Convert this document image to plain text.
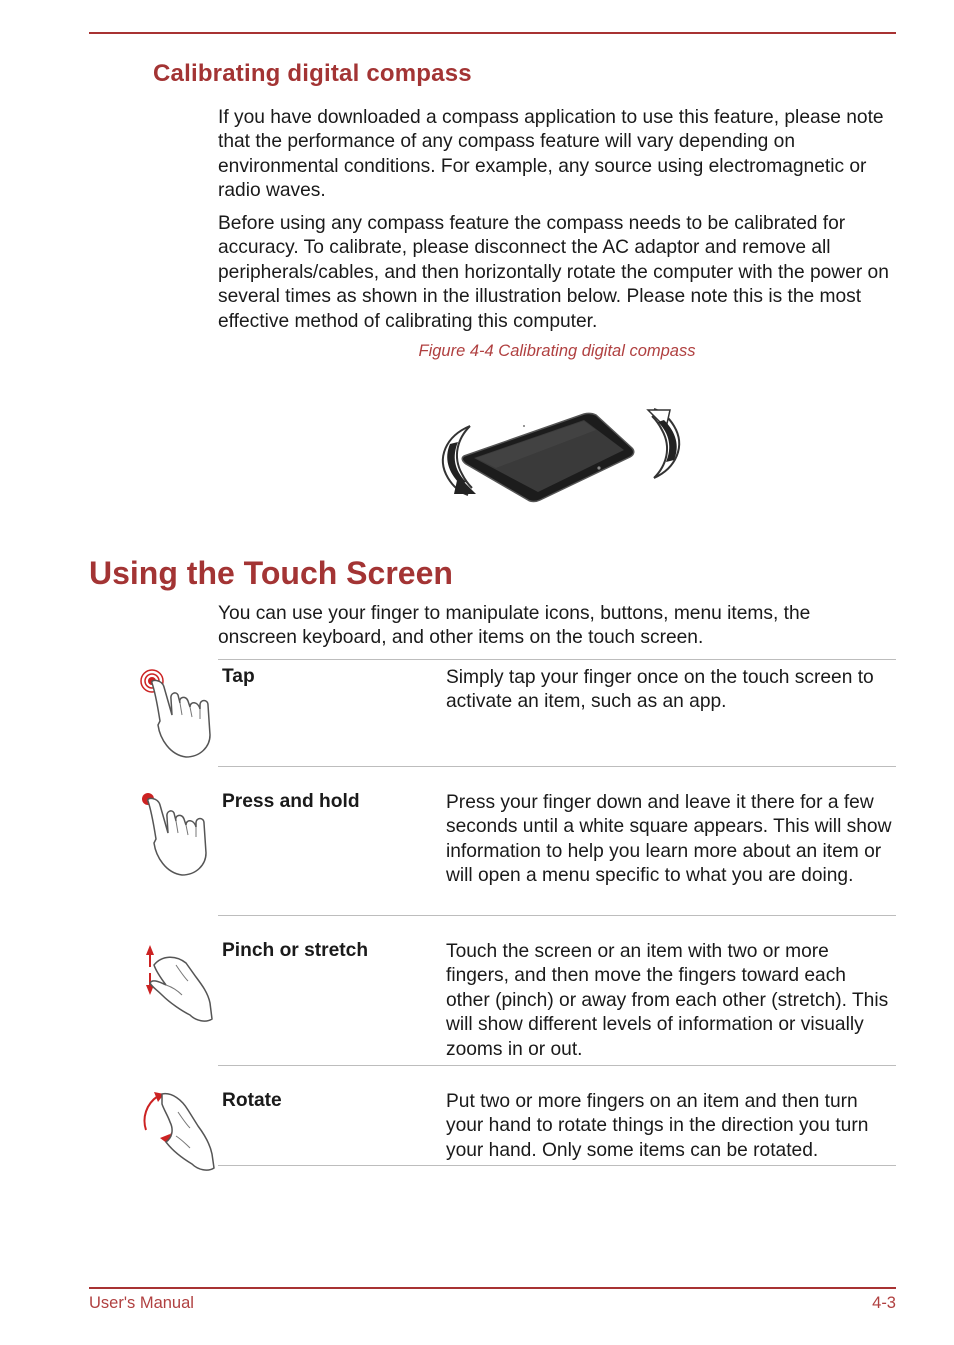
Calibrating digital compass

If you have downloaded a compass application to use this feature, please note that the performance of any compass feature will vary depending on environmental conditions. For example, any source using electromagnetic or radio waves.

Before using any compass feature the compass needs to be calibrated for accuracy. To calibrate, please disconnect the AC adaptor and remove all peripherals/cables, and then horizontally rotate the computer with the power on several times as shown in the illustration below. Please note this is the most effective method of calibrating this computer.

Figure 4-4 Calibrating digital compass
Using the Touch Screen

You can use your finger to manipulate icons, buttons, menu items, the onscreen keyboard, and other items on the touch screen.

Tap	Simply tap your finger once on the touch screen to activate an item, such as an app.

Press and hold	Press your finger down and leave it there for a few seconds until a white square appears. This will show information to help you learn more about an item or will open a menu specific to what you are doing.

Pinch or stretch	Touch the screen or an item with two or more fingers, and then move the fingers toward each other (pinch) or away from each other (stretch). This will show different levels of information or visually zooms in or out.

Rotate	Put two or more fingers on an item and then turn your hand to rotate things in the direction you turn your hand. Only some items can be rotated.

User's Manual	4-3
